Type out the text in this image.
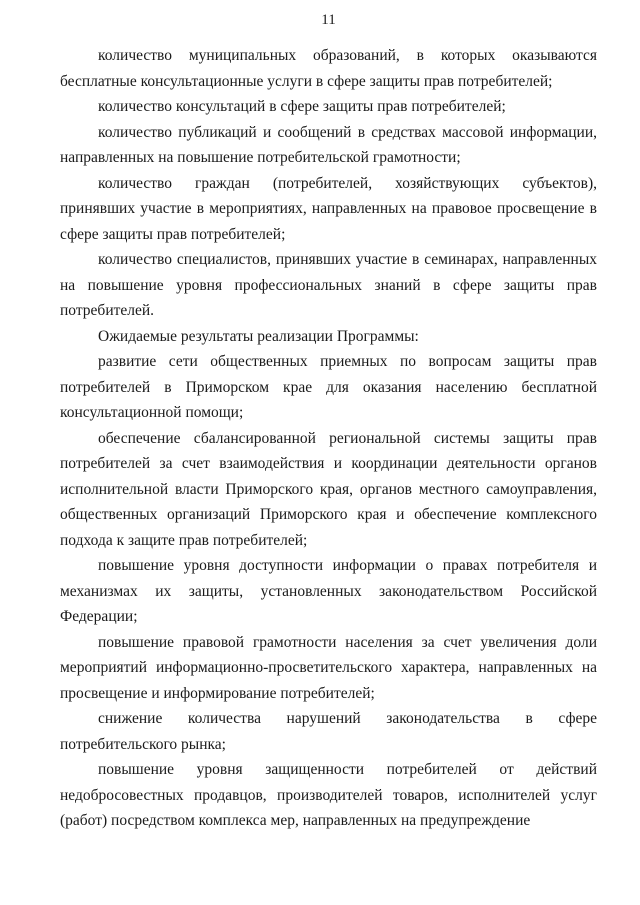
11

количество муниципальных образований, в которых оказываются бесплатные консультационные услуги в сфере защиты прав потребителей;

количество консультаций в сфере защиты прав потребителей;

количество публикаций и сообщений в средствах массовой информации, направленных на повышение потребительской грамотности;

количество граждан (потребителей, хозяйствующих субъектов), принявших участие в мероприятиях, направленных на правовое просвещение в сфере защиты прав потребителей;

количество специалистов, принявших участие в семинарах, направленных на повышение уровня профессиональных знаний в сфере защиты прав потребителей.

Ожидаемые результаты реализации Программы:

развитие сети общественных приемных по вопросам защиты прав потребителей в Приморском крае для оказания населению бесплатной консультационной помощи;

обеспечение сбалансированной региональной системы защиты прав потребителей за счет взаимодействия и координации деятельности органов исполнительной власти Приморского края, органов местного самоуправления, общественных организаций Приморского края и обеспечение комплексного подхода к защите прав потребителей;

повышение уровня доступности информации о правах потребителя и механизмах их защиты, установленных законодательством Российской Федерации;

повышение правовой грамотности населения за счет увеличения доли мероприятий информационно-просветительского характера, направленных на просвещение и информирование потребителей;

снижение количества нарушений законодательства в сфере потребительского рынка;

повышение уровня защищенности потребителей от действий недобросовестных продавцов, производителей товаров, исполнителей услуг (работ) посредством комплекса мер, направленных на предупреждение
